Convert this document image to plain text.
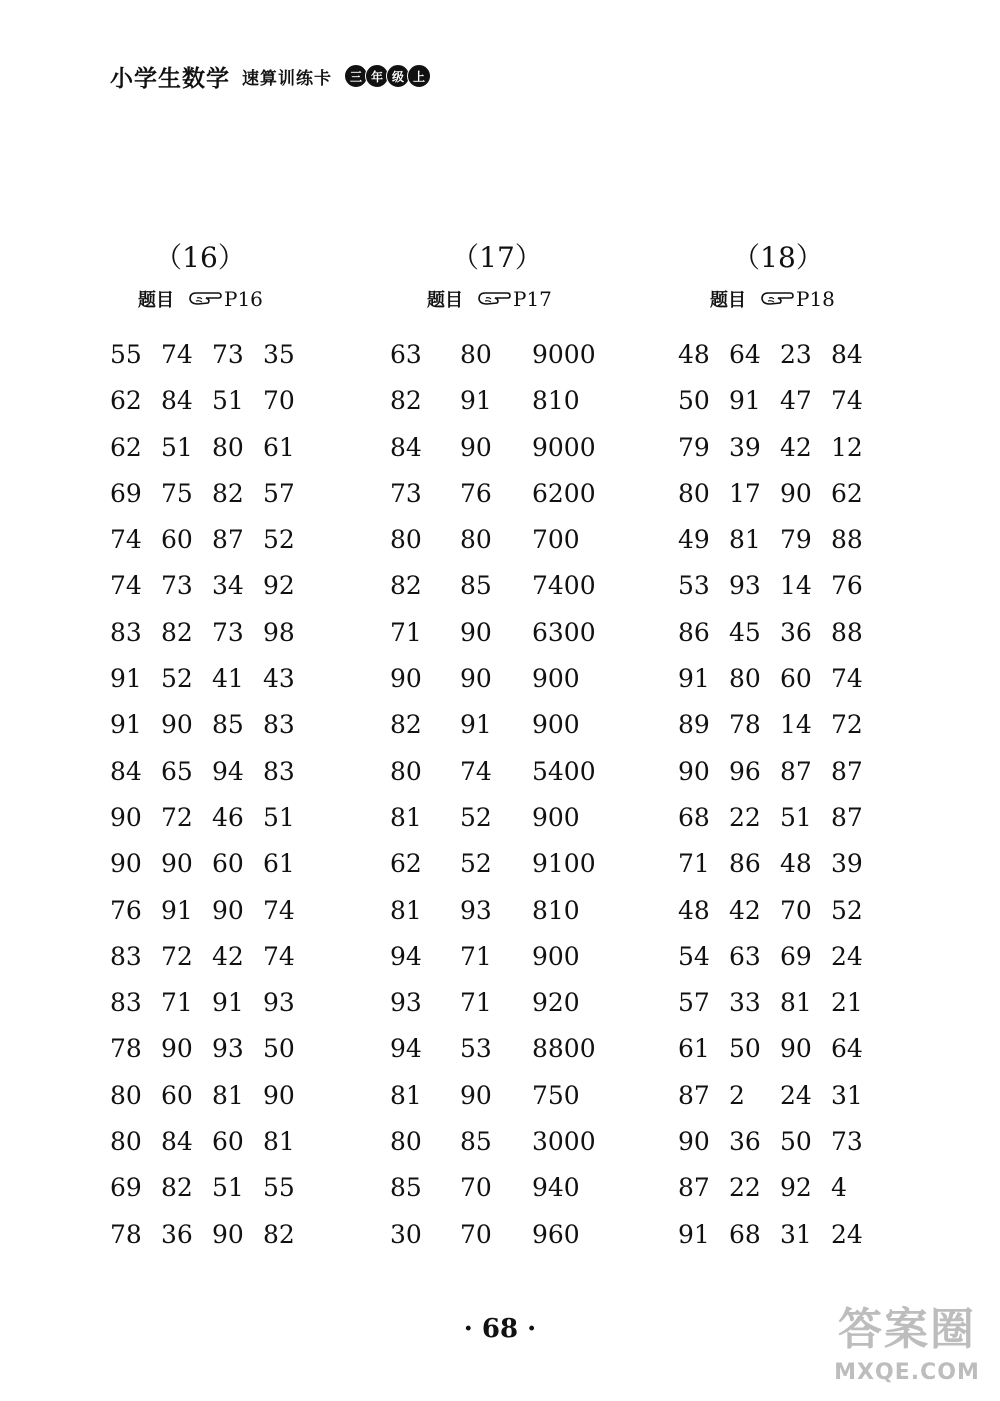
小学生数学 速算训练卡	三 年 级 上
（16）
题目	P16
55 74 73 35
62 84 51 70
62 51 80 61
69 75 82 57
74 60 87 52
74 73 34 92
83 82 73 98
91 52 41 43
91 90 85 83
84 65 94 83
90 72 46 51
90 90 60 61
76 91 90 74
83 72 42 74
83 71 91 93
78 90 93 50
80 60 81 90
80 84 60 81
69 82 51 55
78 36 90 82
（17）
题目	P17
63 80 9000
82 91 810
84 90 9000
73 76 6200
80 80 700
82 85 7400
71 90 6300
90 90 900
82 91 900
80 74 5400
81 52 900
62 52 9100
81 93 810
94 71 900
93 71 920
94 53 8800
81 90 750
80 85 3000
85 70 940
30 70 960
（18）
题目	P18
48 64 23 84
50 91 47 74
79 39 42 12
80 17 90 62
49 81 79 88
53 93 14 76
86 45 36 88
91 80 60 74
89 78 14 72
90 96 87 87
68 22 51 87
71 86 48 39
48 42 70 52
54 63 69 24
57 33 81 21
61 50 90 64
87 2 24 31
90 36 50 73
87 22 92 4
91 68 31 24
· 68 ·	答案圈
MXQE.COM
